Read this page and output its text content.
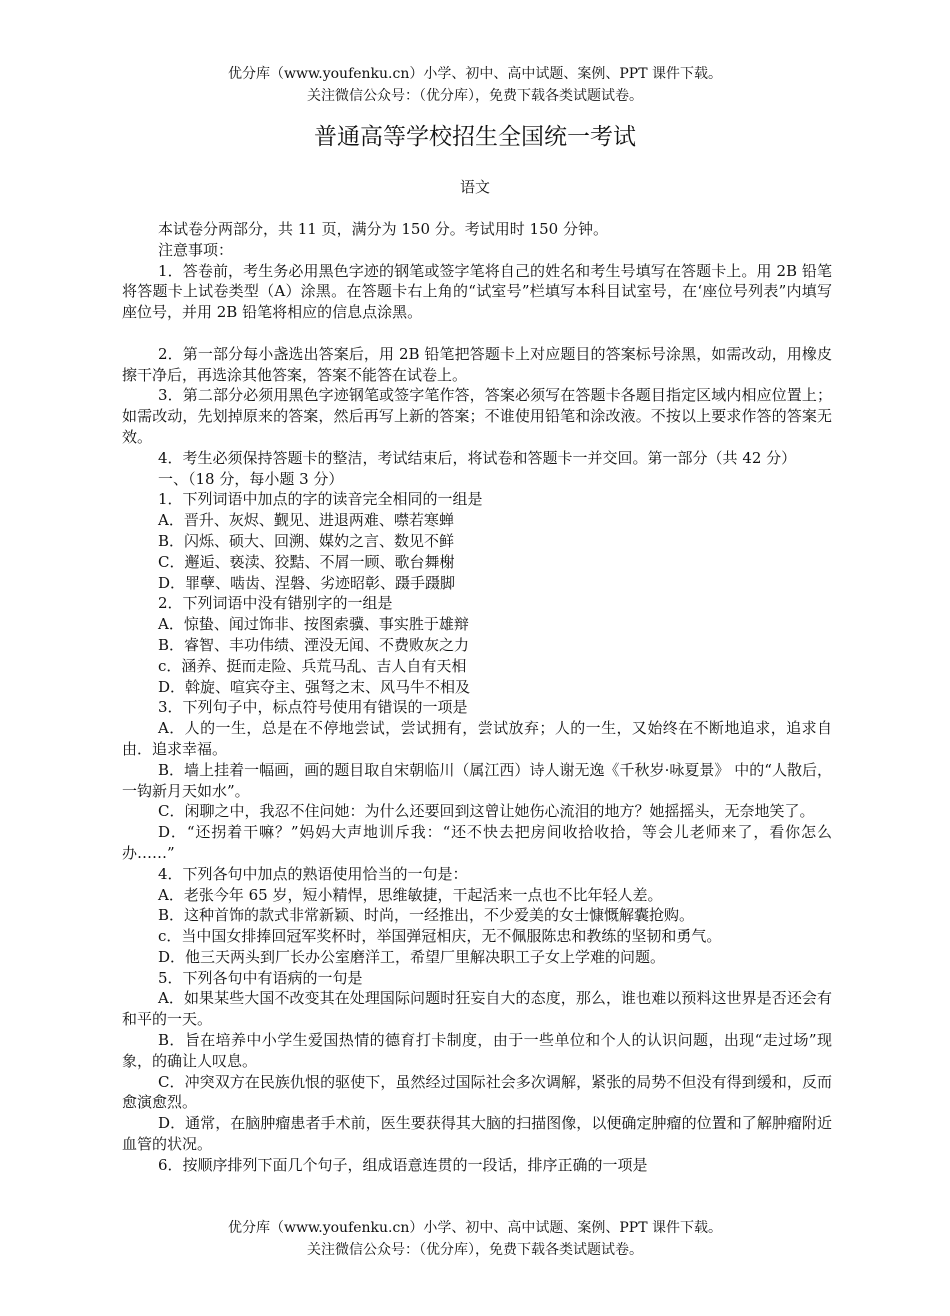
优分库（www.youfenku.cn）小学、初中、高中试题、案例、PPT 课件下载。
关注微信公众号：（优分库），免费下载各类试题试卷。
普通高等学校招生全国统一考试
语文

本试卷分两部分，共 11 页，满分为 150 分。考试用时 150 分钟。

注意事项：

1．答卷前，考生务必用黑色字迹的钢笔或签字笔将自己的姓名和考生号填写在答题卡上。用 2B 铅笔将答题卡上试卷类型（A）涂黑。在答题卡右上角的“试室号”栏填写本科目试室号，在‘座位号列表”内填写座位号，并用 2B 铅笔将相应的信息点涂黑。

2．第一部分每小盏选出答案后，用 2B 铅笔把答题卡上对应题目的答案标号涂黑，如需改动，用橡皮擦干净后，再选涂其他答案，答案不能答在试卷上。

3．第二部分必须用黑色字迹钢笔或签字笔作答，答案必须写在答题卡各题目指定区域内相应位置上；如需改动，先划掉原来的答案，然后再写上新的答案；不谁使用铅笔和涂改液。不按以上要求作答的答案无效。

4．考生必须保持答题卡的整洁，考试结束后，将试卷和答题卡一并交回。第一部分（共 42 分）

一、（18 分，每小题 3 分）

1．下列词语中加点的字的读音完全相同的一组是

A．晋升、灰烬、觐见、进退两难、噤若寒蝉

B．闪烁、硕大、回溯、媒妁之言、数见不鲜

C．邂逅、亵渎、狡黠、不屑一顾、歌台舞榭

D．罪孽、啮齿、涅磐、劣迹昭彰、蹑手蹑脚

2．下列词语中没有错别字的一组是

A．惊蛰、闻过饰非、按图索骥、事实胜于雄辩

B．睿智、丰功伟绩、湮没无闻、不费败灰之力

c．涵养、挺而走险、兵荒马乱、吉人自有天相

D．斡旋、喧宾夺主、强弩之末、风马牛不相及

3．下列句子中，标点符号使用有错误的一项是

A．人的一生，总是在不停地尝试，尝试拥有，尝试放弃；人的一生，又始终在不断地追求，追求自由．追求幸福。

B．墙上挂着一幅画，画的题目取自宋朝临川（属江西）诗人谢无逸《千秋岁·咏夏景》 中的“人散后，一钩新月天如水”。

C．闲聊之中，我忍不住问她：为什么还要回到这曾让她伤心流泪的地方？她摇摇头，无奈地笑了。

D．“还拐着干嘛？”妈妈大声地训斥我：“还不快去把房间收拾收拾，等会儿老师来了，看你怎么办……”

4．下列各句中加点的熟语使用恰当的一句是：

A．老张今年 65 岁，短小精悍，思维敏捷，干起活来一点也不比年轻人差。

B．这种首饰的款式非常新颖、时尚，一经推出，不少爱美的女士慷慨解囊抢购。

c．当中国女排捧回冠军奖杯时，举国弹冠相庆，无不佩服陈忠和教练的坚韧和勇气。

D．他三天两头到厂长办公室磨洋工，希望厂里解决职工子女上学难的问题。

5．下列各句中有语病的一句是

A．如果某些大国不改变其在处理国际问题时狂妄自大的态度，那么，谁也难以预料这世界是否还会有和平的一天。

B．旨在培养中小学生爱国热情的德育打卡制度，由于一些单位和个人的认识问题，出现“走过场”现象，的确让人叹息。

C．冲突双方在民族仇恨的驱使下，虽然经过国际社会多次调解，紧张的局势不但没有得到缓和，反而愈演愈烈。

D．通常，在脑肿瘤患者手术前，医生要获得其大脑的扫描图像，以便确定肿瘤的位置和了解肿瘤附近血管的状况。

6．按顺序排列下面几个句子，组成语意连贯的一段话，排序正确的一项是

优分库（www.youfenku.cn）小学、初中、高中试题、案例、PPT 课件下载。
关注微信公众号：（优分库），免费下载各类试题试卷。
